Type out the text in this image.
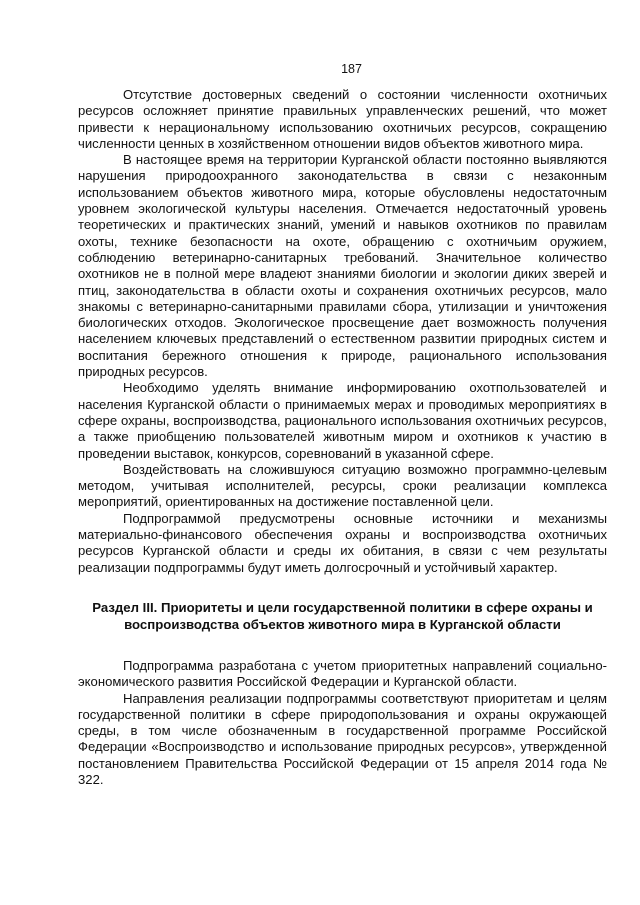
187

Отсутствие достоверных сведений о состоянии численности охотничьих ресурсов осложняет принятие правильных управленческих решений, что может привести к нерациональному использованию охотничьих ресурсов, сокращению численности ценных в хозяйственном отношении видов объектов животного мира.

В настоящее время на территории Курганской области постоянно выявляются нарушения природоохранного законодательства в связи с незаконным использованием объектов животного мира, которые обусловлены недостаточным уровнем экологической культуры населения. Отмечается недостаточный уровень теоретических и практических знаний, умений и навыков охотников по правилам охоты, технике безопасности на охоте, обращению с охотничьим оружием, соблюдению ветеринарно-санитарных требований. Значительное количество охотников не в полной мере владеют знаниями биологии и экологии диких зверей и птиц, законодательства в области охоты и сохранения охотничьих ресурсов, мало знакомы с ветеринарно-санитарными правилами сбора, утилизации и уничтожения биологических отходов. Экологическое просвещение дает возможность получения населением ключевых представлений о естественном развитии природных систем и воспитания бережного отношения к природе, рационального использования природных ресурсов.

Необходимо уделять внимание информированию охотпользователей и населения Курганской области о принимаемых мерах и проводимых мероприятиях в сфере охраны, воспроизводства, рационального использования охотничьих ресурсов, а также приобщению пользователей животным миром и охотников к участию в проведении выставок, конкурсов, соревнований в указанной сфере.

Воздействовать на сложившуюся ситуацию возможно программно-целевым методом, учитывая исполнителей, ресурсы, сроки реализации комплекса мероприятий, ориентированных на достижение поставленной цели.

Подпрограммой предусмотрены основные источники и механизмы материально-финансового обеспечения охраны и воспроизводства охотничьих ресурсов Курганской области и среды их обитания, в связи с чем результаты реализации подпрограммы будут иметь долгосрочный и устойчивый характер.

Раздел III. Приоритеты и цели государственной политики в сфере охраны и воспроизводства объектов животного мира в Курганской области

Подпрограмма разработана с учетом приоритетных направлений социально-экономического развития Российской Федерации и Курганской области.

Направления реализации подпрограммы соответствуют приоритетам и целям государственной политики в сфере природопользования и охраны окружающей среды, в том числе обозначенным в государственной программе Российской Федерации «Воспроизводство и использование природных ресурсов», утвержденной постановлением Правительства Российской Федерации от 15 апреля 2014 года № 322.
